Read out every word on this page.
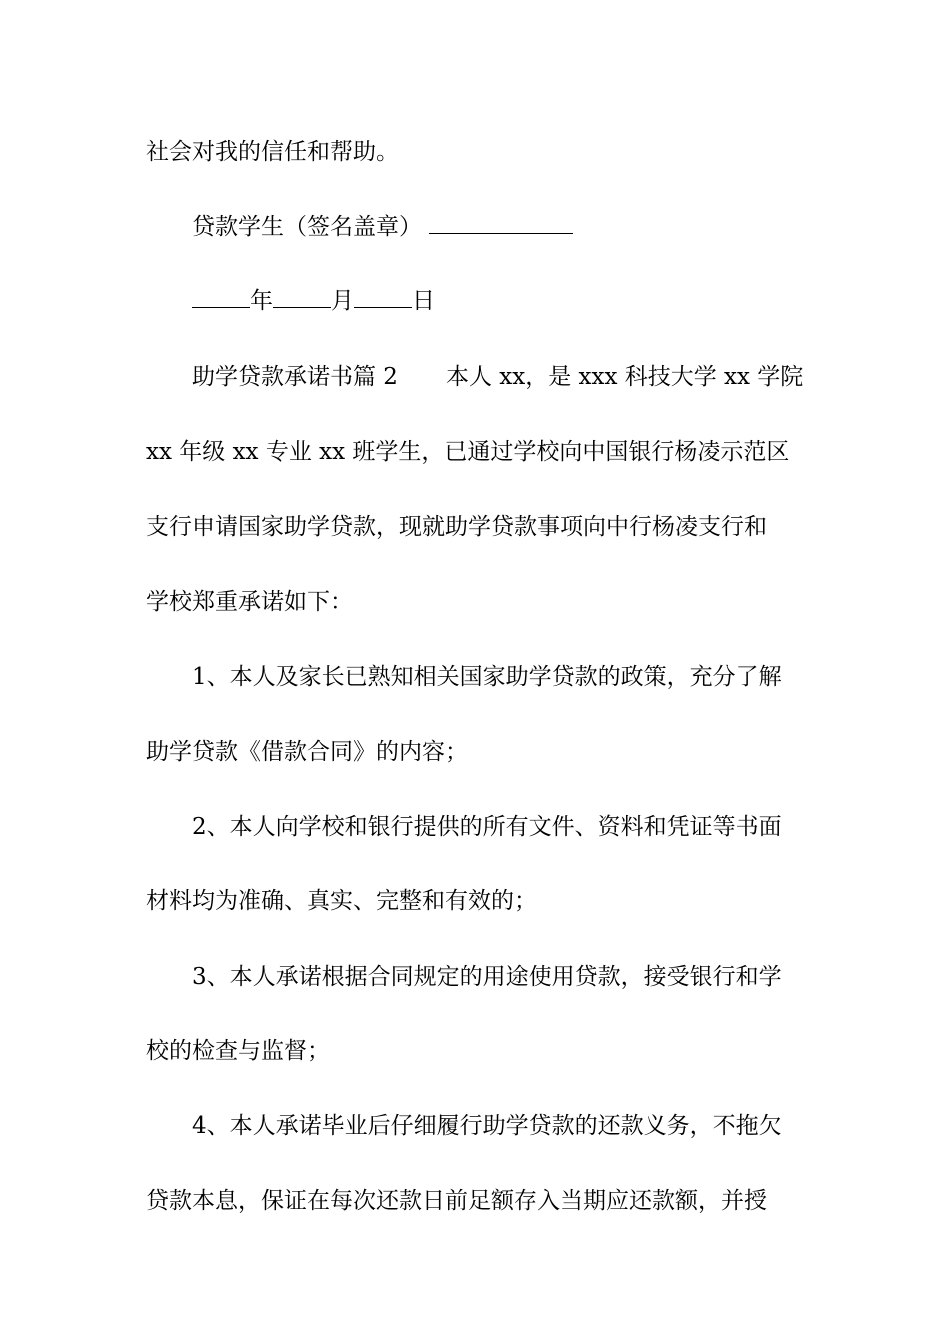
社会对我的信任和帮助。
贷款学生（签名盖章）
年	月	日
助学贷款承诺书篇 2 本人 xx，是 xxx 科技大学 xx 学院
xx 年级 xx 专业 xx 班学生，已通过学校向中国银行杨凌示范区
支行申请国家助学贷款，现就助学贷款事项向中行杨凌支行和
学校郑重承诺如下：
1、本人及家长已熟知相关国家助学贷款的政策，充分了解
助学贷款《借款合同》的内容；
2、本人向学校和银行提供的所有文件、资料和凭证等书面
材料均为准确、真实、完整和有效的；
3、本人承诺根据合同规定的用途使用贷款，接受银行和学
校的检查与监督；
4、本人承诺毕业后仔细履行助学贷款的还款义务，不拖欠
贷款本息，保证在每次还款日前足额存入当期应还款额，并授
